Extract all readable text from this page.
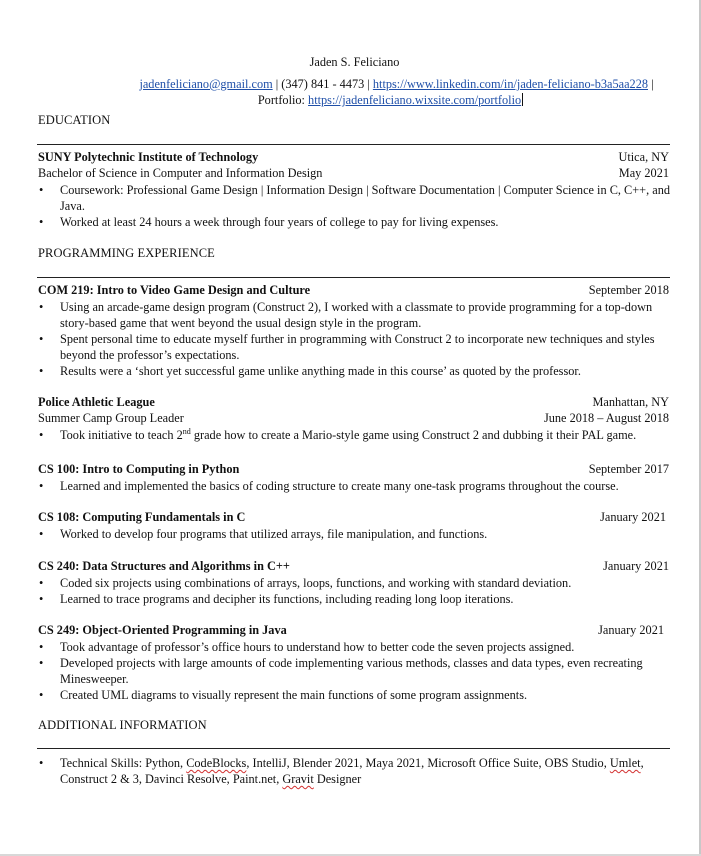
Jaden S. Feliciano
jadenfeliciano@gmail.com | (347) 841 - 4473 | https://www.linkedin.com/in/jaden-feliciano-b3a5aa228 |
Portfolio: https://jadenfeliciano.wixsite.com/portfolio
EDUCATION
SUNY Polytechnic Institute of Technology	Utica, NY
Bachelor of Science in Computer and Information Design	May 2021
• Coursework: Professional Game Design | Information Design | Software Documentation | Computer Science in C, C++, and Java.
• Worked at least 24 hours a week through four years of college to pay for living expenses.
PROGRAMMING EXPERIENCE
COM 219: Intro to Video Game Design and Culture	September 2018
• Using an arcade-game design program (Construct 2), I worked with a classmate to provide programming for a top-down story-based game that went beyond the usual design style in the program.
• Spent personal time to educate myself further in programming with Construct 2 to incorporate new techniques and styles beyond the professor’s expectations.
• Results were a ‘short yet successful game unlike anything made in this course’ as quoted by the professor.
Police Athletic League	Manhattan, NY
Summer Camp Group Leader	June 2018 – August 2018
• Took initiative to teach 2nd grade how to create a Mario-style game using Construct 2 and dubbing it their PAL game.
CS 100: Intro to Computing in Python	September 2017
• Learned and implemented the basics of coding structure to create many one-task programs throughout the course.
CS 108: Computing Fundamentals in C	January 2021
• Worked to develop four programs that utilized arrays, file manipulation, and functions.
CS 240: Data Structures and Algorithms in C++	January 2021
• Coded six projects using combinations of arrays, loops, functions, and working with standard deviation.
• Learned to trace programs and decipher its functions, including reading long loop iterations.
CS 249: Object-Oriented Programming in Java	January 2021
• Took advantage of professor’s office hours to understand how to better code the seven projects assigned.
• Developed projects with large amounts of code implementing various methods, classes and data types, even recreating Minesweeper.
• Created UML diagrams to visually represent the main functions of some program assignments.
ADDITIONAL INFORMATION
• Technical Skills: Python, CodeBlocks, IntelliJ, Blender 2021, Maya 2021, Microsoft Office Suite, OBS Studio, Umlet, Construct 2 & 3, Davinci Resolve, Paint.net, Gravit Designer
